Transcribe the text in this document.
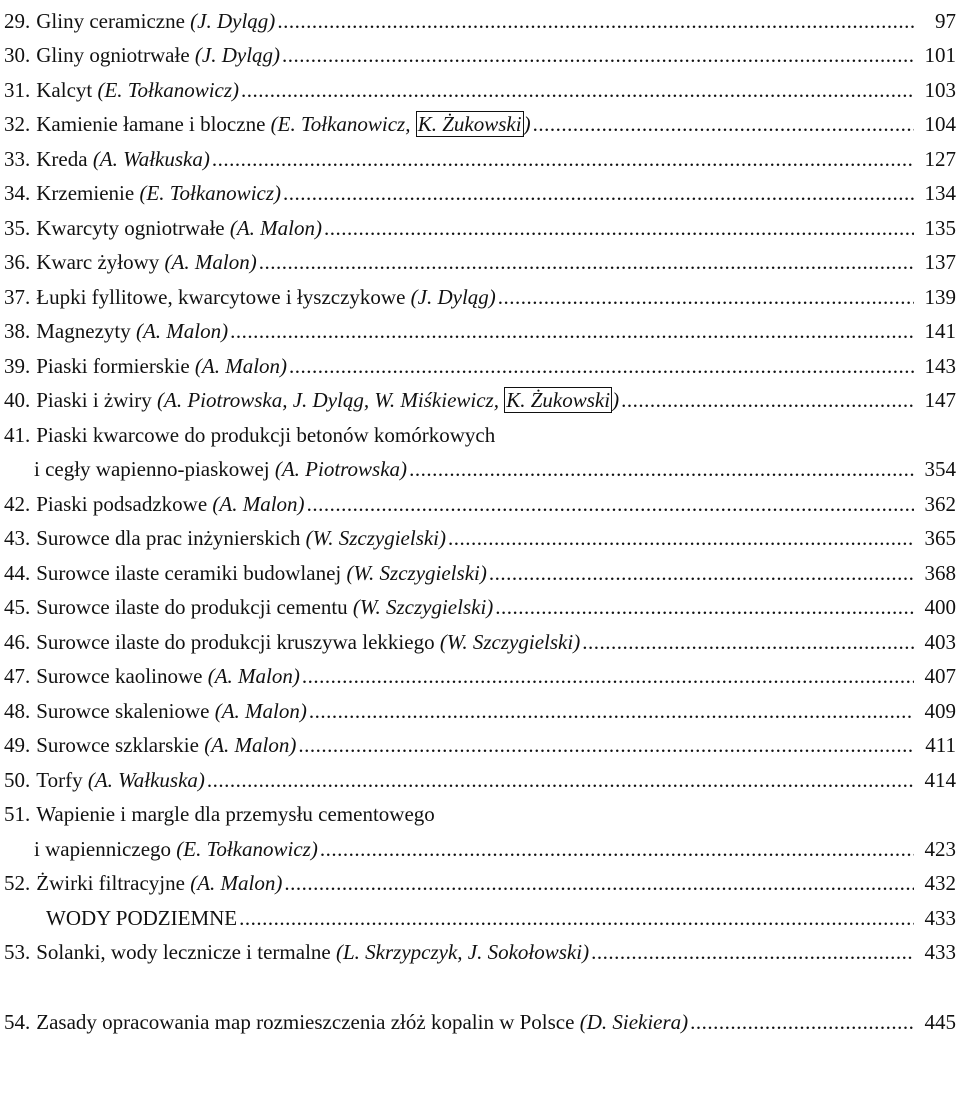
29. Gliny ceramiczne (J. Dyląg) .....	97
30. Gliny ogniotrwałe (J. Dyląg) .....	101
31. Kalcyt (E. Tołkanowicz) .....	103
32. Kamienie łamane i bloczne (E. Tołkanowicz, K. Żukowski) .....	104
33. Kreda (A. Wałkuska) .....	127
34. Krzemienie (E. Tołkanowicz) .....	134
35. Kwarcyty ogniotrwałe (A. Malon) .....	135
36. Kwarc żyłowy (A. Malon) .....	137
37. Łupki fyllitowe, kwarcytowe i łyszczykowe (J. Dyląg) .....	139
38. Magnezyty (A. Malon) .....	141
39. Piaski formierskie (A. Malon) .....	143
40. Piaski i żwiry (A. Piotrowska, J. Dyląg, W. Miśkiewicz, K. Żukowski) .....	147
41. Piaski kwarcowe do produkcji betonów komórkowych
i cegły wapienno-piaskowej (A. Piotrowska) .....	354
42. Piaski podsadzkowe (A. Malon) .....	362
43. Surowce dla prac inżynierskich (W. Szczygielski) .....	365
44. Surowce ilaste ceramiki budowlanej (W. Szczygielski) .....	368
45. Surowce ilaste do produkcji cementu (W. Szczygielski) .....	400
46. Surowce ilaste do produkcji kruszywa lekkiego (W. Szczygielski) .....	403
47. Surowce kaolinowe (A. Malon) .....	407
48. Surowce skaleniowe (A. Malon) .....	409
49. Surowce szklarskie (A. Malon) .....	411
50. Torfy (A. Wałkuska) .....	414
51. Wapienie i margle dla przemysłu cementowego
i wapienniczego (E. Tołkanowicz) .....	423
52. Żwirki filtracyjne (A. Malon) .....	432
WODY PODZIEMNE .....	433
53. Solanki, wody lecznicze i termalne (L. Skrzypczyk, J. Sokołowski) .....	433
54. Zasady opracowania map rozmieszczenia złóż kopalin w Polsce (D. Siekiera) .....	445
